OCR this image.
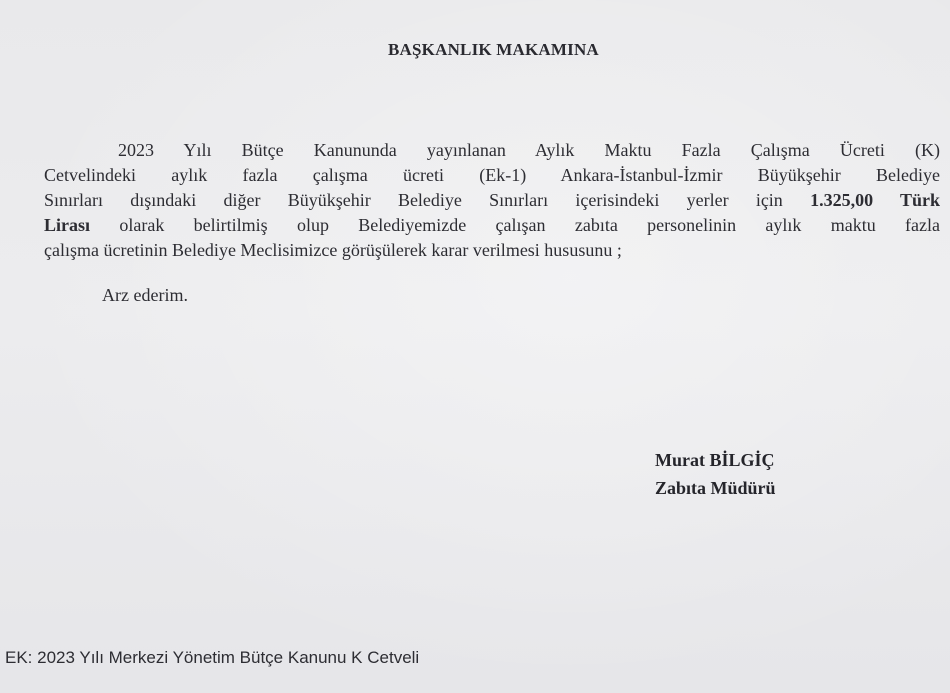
BAŞKANLIK MAKAMINA
2023 Yılı Bütçe Kanununda yayınlanan Aylık Maktu Fazla Çalışma Ücreti (K)
Cetvelindeki aylık fazla çalışma ücreti (Ek-1) Ankara-İstanbul-İzmir Büyükşehir Belediye
Sınırları dışındaki diğer Büyükşehir Belediye Sınırları içerisindeki yerler için 1.325,00 Türk
Lirası olarak belirtilmiş olup Belediyemizde çalışan zabıta personelinin aylık maktu fazla
çalışma ücretinin Belediye Meclisimizce görüşülerek karar verilmesi hususunu ;
Arz ederim.
Murat BİLGİÇ
Zabıta Müdürü
EK: 2023 Yılı Merkezi Yönetim Bütçe Kanunu K Cetveli
